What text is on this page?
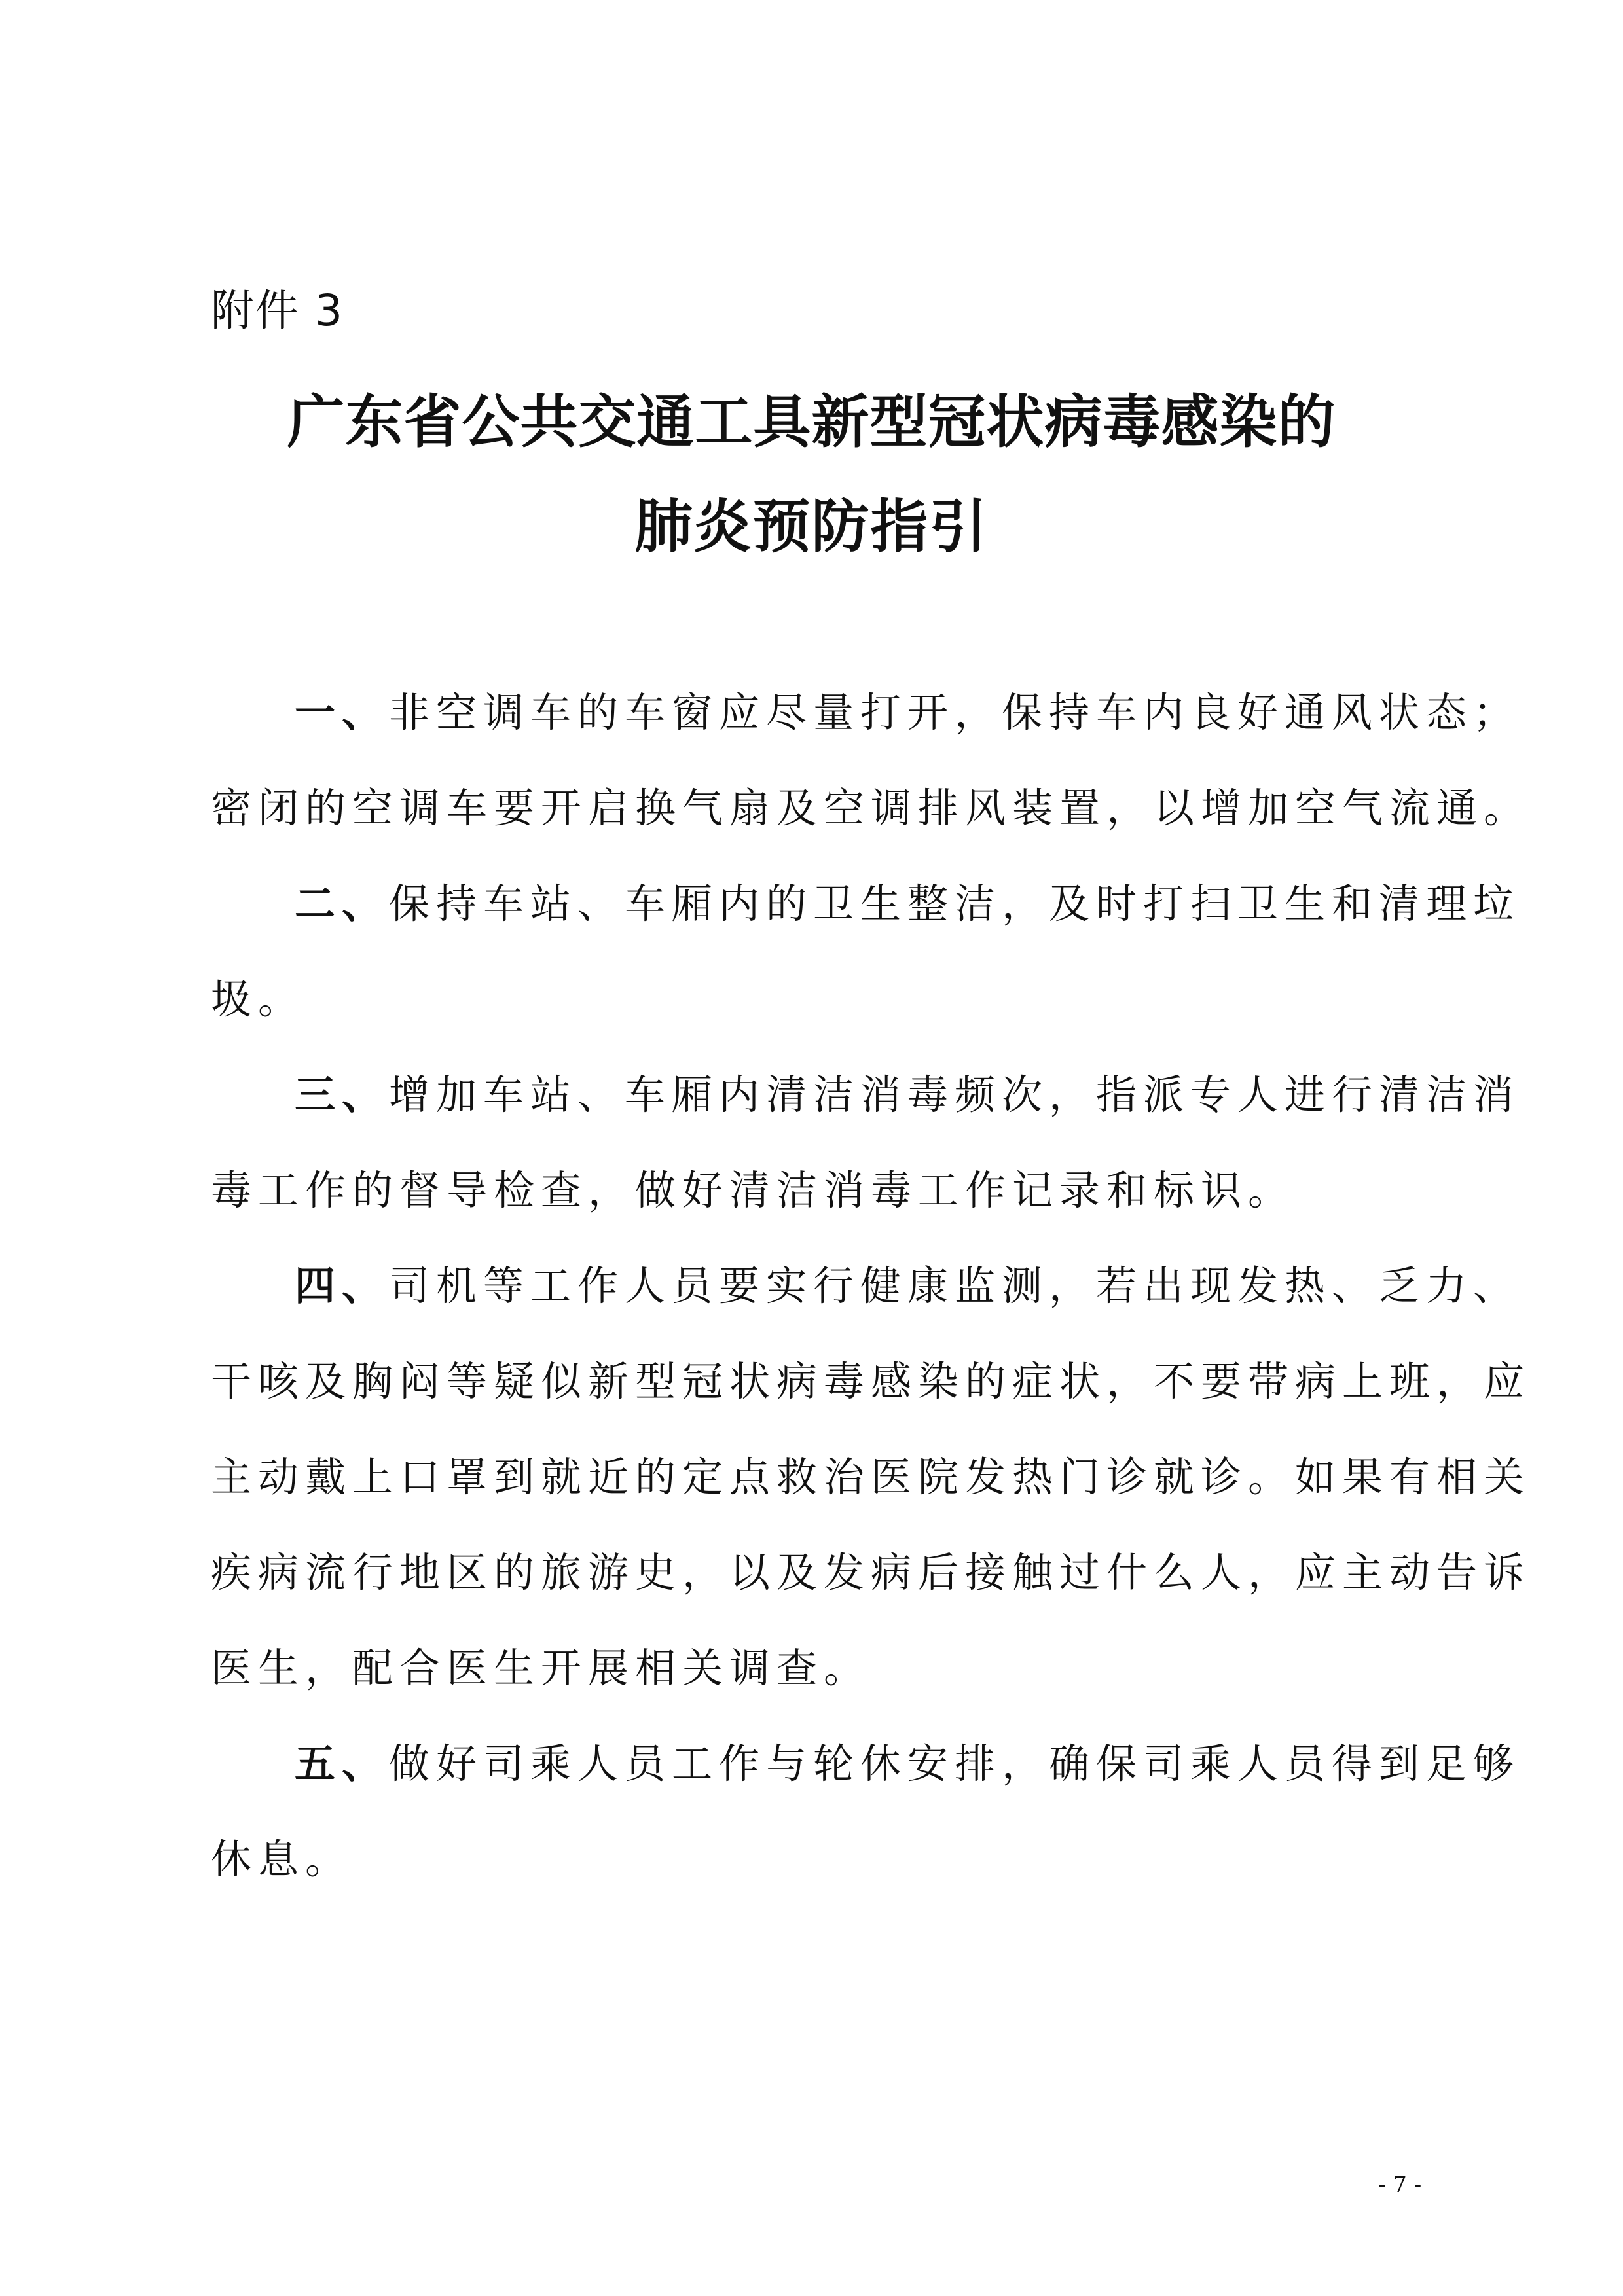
附件 3
广东省公共交通工具新型冠状病毒感染的
肺炎预防指引
一、非空调车的车窗应尽量打开，保持车内良好通风状态；
密闭的空调车要开启换气扇及空调排风装置，以增加空气流通。
二、保持车站、车厢内的卫生整洁，及时打扫卫生和清理垃
圾。
三、增加车站、车厢内清洁消毒频次，指派专人进行清洁消
毒工作的督导检查，做好清洁消毒工作记录和标识。
四、司机等工作人员要实行健康监测，若出现发热、乏力、
干咳及胸闷等疑似新型冠状病毒感染的症状，不要带病上班，应
主动戴上口罩到就近的定点救治医院发热门诊就诊。如果有相关
疾病流行地区的旅游史，以及发病后接触过什么人，应主动告诉
医生，配合医生开展相关调查。
五、做好司乘人员工作与轮休安排，确保司乘人员得到足够
休息。
- 7 -
